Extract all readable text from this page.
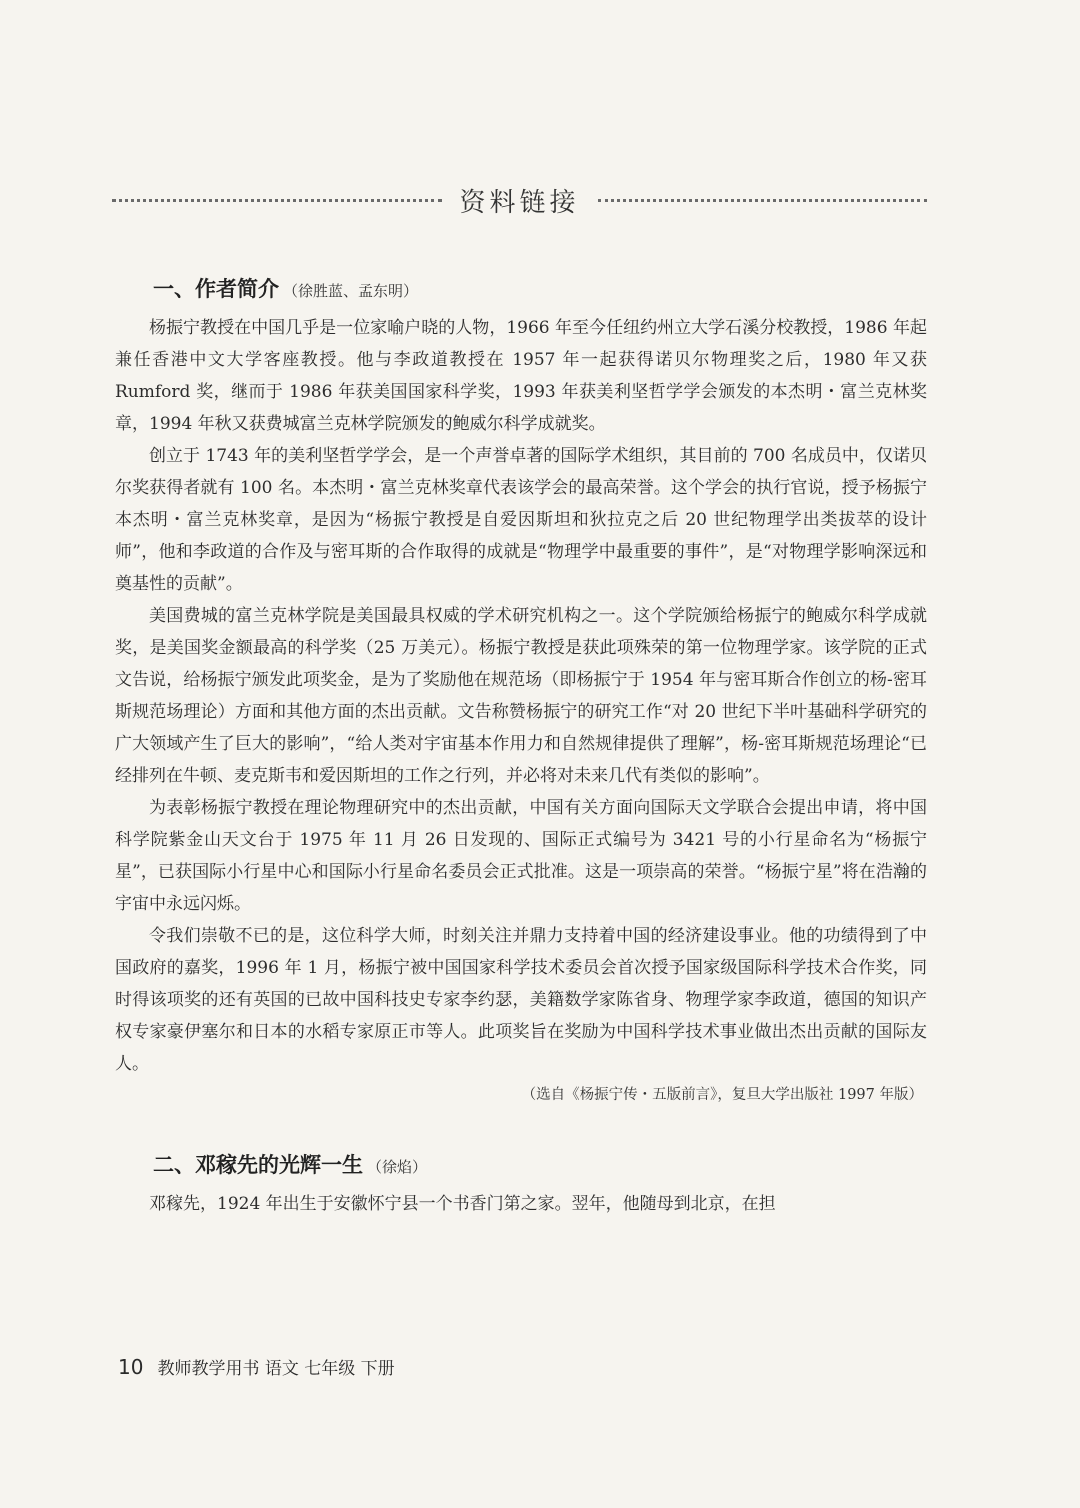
资料链接
一、作者简介 （徐胜蓝、孟东明）

杨振宁教授在中国几乎是一位家喻户晓的人物，1966 年至今任纽约州立大学石溪分校教授，1986 年起兼任香港中文大学客座教授。他与李政道教授在 1957 年一起获得诺贝尔物理奖之后，1980 年又获 Rumford 奖，继而于 1986 年获美国国家科学奖，1993 年获美利坚哲学学会颁发的本杰明・富兰克林奖章，1994 年秋又获费城富兰克林学院颁发的鲍威尔科学成就奖。

创立于 1743 年的美利坚哲学学会，是一个声誉卓著的国际学术组织，其目前的 700 名成员中，仅诺贝尔奖获得者就有 100 名。本杰明・富兰克林奖章代表该学会的最高荣誉。这个学会的执行官说，授予杨振宁本杰明・富兰克林奖章，是因为“杨振宁教授是自爱因斯坦和狄拉克之后 20 世纪物理学出类拔萃的设计师”，他和李政道的合作及与密耳斯的合作取得的成就是“物理学中最重要的事件”，是“对物理学影响深远和奠基性的贡献”。

美国费城的富兰克林学院是美国最具权威的学术研究机构之一。这个学院颁给杨振宁的鲍威尔科学成就奖，是美国奖金额最高的科学奖（25 万美元）。杨振宁教授是获此项殊荣的第一位物理学家。该学院的正式文告说，给杨振宁颁发此项奖金，是为了奖励他在规范场（即杨振宁于 1954 年与密耳斯合作创立的杨-密耳斯规范场理论）方面和其他方面的杰出贡献。文告称赞杨振宁的研究工作“对 20 世纪下半叶基础科学研究的广大领域产生了巨大的影响”，“给人类对宇宙基本作用力和自然规律提供了理解”，杨-密耳斯规范场理论“已经排列在牛顿、麦克斯韦和爱因斯坦的工作之行列，并必将对未来几代有类似的影响”。

为表彰杨振宁教授在理论物理研究中的杰出贡献，中国有关方面向国际天文学联合会提出申请，将中国科学院紫金山天文台于 1975 年 11 月 26 日发现的、国际正式编号为 3421 号的小行星命名为“杨振宁星”，已获国际小行星中心和国际小行星命名委员会正式批准。这是一项崇高的荣誉。“杨振宁星”将在浩瀚的宇宙中永远闪烁。

令我们崇敬不已的是，这位科学大师，时刻关注并鼎力支持着中国的经济建设事业。他的功绩得到了中国政府的嘉奖，1996 年 1 月，杨振宁被中国国家科学技术委员会首次授予国家级国际科学技术合作奖，同时得该项奖的还有英国的已故中国科技史专家李约瑟，美籍数学家陈省身、物理学家李政道，德国的知识产权专家豪伊塞尔和日本的水稻专家原正市等人。此项奖旨在奖励为中国科学技术事业做出杰出贡献的国际友人。

（选自《杨振宁传・五版前言》，复旦大学出版社 1997 年版）
二、邓稼先的光辉一生 （徐焰）

邓稼先，1924 年出生于安徽怀宁县一个书香门第之家。翌年，他随母到北京，在担

10 教师教学用书 语文 七年级 下册
